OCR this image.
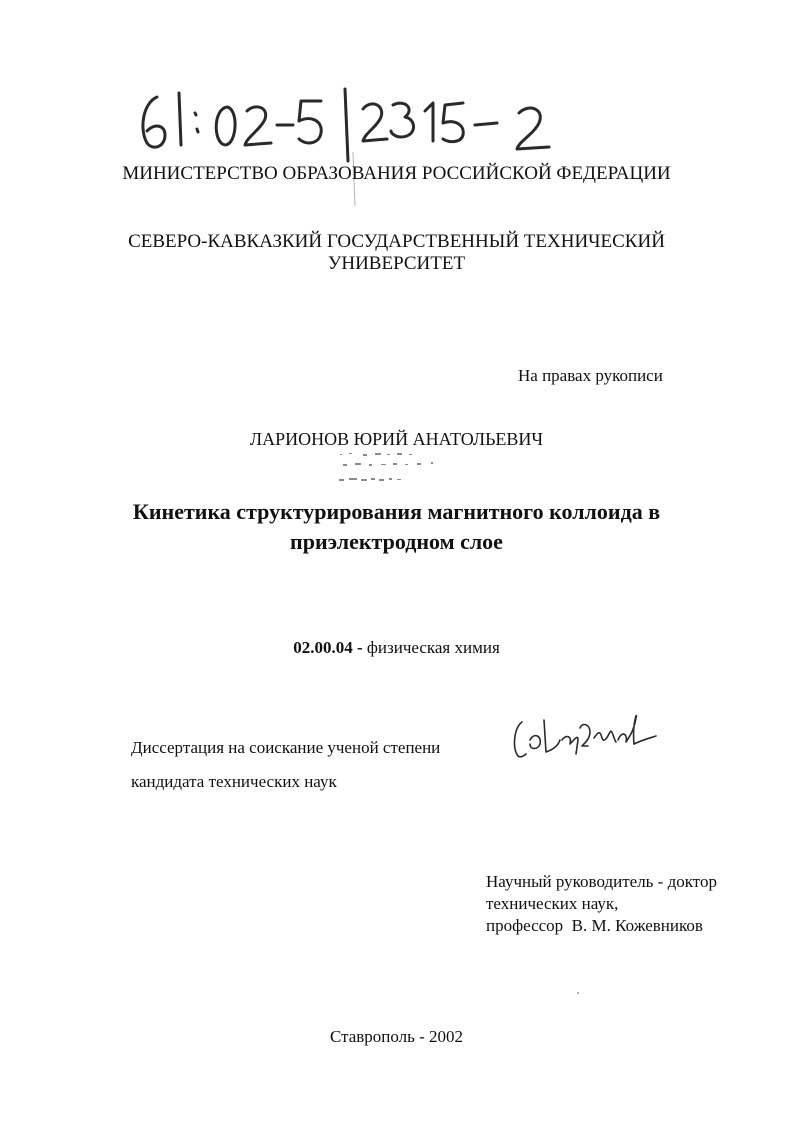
МИНИСТЕРСТВО ОБРАЗОВАНИЯ РОССИЙСКОЙ ФЕДЕРАЦИИ
СЕВЕРО-КАВКАЗКИЙ ГОСУДАРСТВЕННЫЙ ТЕХНИЧЕСКИЙ
УНИВЕРСИТЕТ
На правах рукописи
ЛАРИОНОВ ЮРИЙ АНАТОЛЬЕВИЧ
Кинетика структурирования магнитного коллоида в
приэлектродном слое
02.00.04 - физическая химия
Диссертация на соискание ученой степени
кандидата технических наук
Научный руководитель - доктор
технических наук,
профессор  В. М. Кожевников
Ставрополь - 2002
